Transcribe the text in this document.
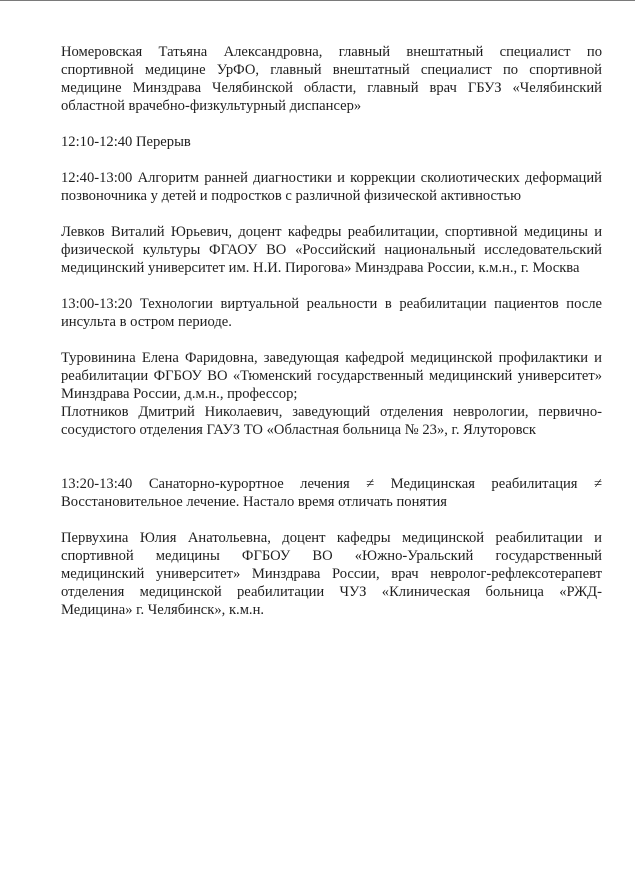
Номеровская Татьяна Александровна, главный внештатный специалист по
спортивной медицине УрФО, главный внештатный специалист по спортивной
медицине Минздрава Челябинской области, главный врач ГБУЗ «Челябинский
областной врачебно-физкультурный диспансер»

12:10-12:40 Перерыв

12:40-13:00 Алгоритм ранней диагностики и коррекции сколиотических деформаций
позвоночника у детей и подростков с различной физической активностью

Левков Виталий Юрьевич, доцент кафедры реабилитации, спортивной медицины и
физической культуры ФГАОУ ВО «Российский национальный исследовательский
медицинский университет им. Н.И. Пирогова» Минздрава России, к.м.н., г. Москва

13:00-13:20 Технологии виртуальной реальности в реабилитации пациентов после
инсульта в остром периоде.

Туровинина Елена Фаридовна, заведующая кафедрой медицинской профилактики и
реабилитации ФГБОУ ВО «Тюменский государственный медицинский университет»
Минздрава России, д.м.н., профессор;
Плотников Дмитрий Николаевич, заведующий отделения неврологии, первично-
сосудистого отделения ГАУЗ ТО «Областная больница № 23», г. Ялуторовск

13:20-13:40 Санаторно-курортное лечения ≠ Медицинская реабилитация ≠
Восстановительное лечение. Настало время отличать понятия

Первухина Юлия Анатольевна, доцент кафедры медицинской реабилитации и
спортивной медицины ФГБОУ ВО «Южно-Уральский государственный
медицинский университет» Минздрава России, врач невролог-рефлексотерапевт
отделения медицинской реабилитации ЧУЗ «Клиническая больница «РЖД-
Медицина» г. Челябинск», к.м.н.
